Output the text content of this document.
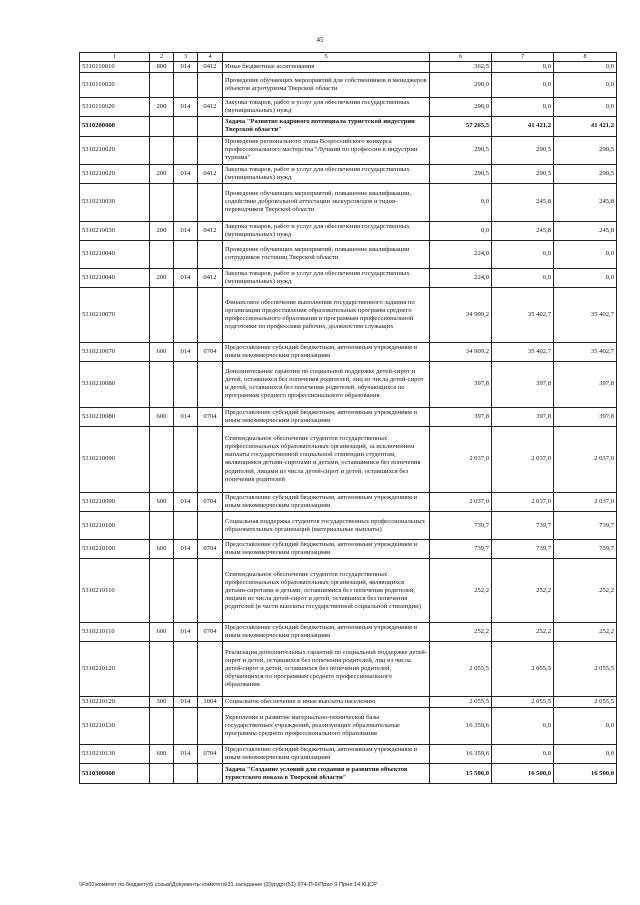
45
1	2	3	4	5	6	7	8
5310110010	800	014	0412	Иные бюджетные ассигнования	362,5	0,0	0,0
5310110020				Проведение обучающих мероприятий для собственников и менеджеров объектов агротуризма Тверской области	290,0	0,0	0,0
5310110020	200	014	0412	Закупка товаров, работ и услуг для обеспечения государственных (муниципальных) нужд	290,0	0,0	0,0
5310200000				Задача "Развитие кадрового потенциала туристской индустрии Тверской области"	57 265,5	41 421,2	41 421,2
5310210020				Проведение регионального этапа Всероссийского конкурса профессионального мастерства "Лучший по профессии в индустрии туризма"	290,5	290,5	290,5
5310210020	200	014	0412	Закупка товаров, работ и услуг для обеспечения государственных (муниципальных) нужд	290,5	290,5	290,5
5310210030				Проведение обучающих мероприятий, повышение квалификации, содействие добровольной аттестации экскурсоводов и гидов-переводчиков Тверской области	0,0	245,8	245,8
5310210030	200	014	0412	Закупка товаров, работ и услуг для обеспечения государственных (муниципальных) нужд	0,0	245,8	245,8
5310210040				Проведение обучающих мероприятий, повышение квалификации сотрудников гостиниц Тверской области	224,0	0,0	0,0
5310210040	200	014	0412	Закупка товаров, работ и услуг для обеспечения государственных (муниципальных) нужд	224,0	0,0	0,0
5310210070				Финансовое обеспечение выполнения государственного задания по организации предоставления образовательных программ среднего профессионального образования и программам профессиональной подготовки по профессиям рабочих, должностям служащих	34 909,2	35 402,7	35 402,7
5310210070	600	014	0704	Предоставление субсидий бюджетным, автономным учреждениям и иным некоммерческим организациям	34 909,2	35 402,7	35 402,7
5310210080				Дополнительные гарантии по социальной поддержке детей-сирот и детей, оставшихся без попечения родителей, лиц из числа детей-сирот и детей, оставшихся без попечения родителей, обучающихся по программам среднего профессионального образования	397,8	397,8	397,8
5310210080	600	014	0704	Предоставление субсидий бюджетным, автономным учреждениям и иным некоммерческим организациям	397,8	397,8	397,8
5310210090				Стипендиальное обеспечение студентов государственных профессиональных образовательных организаций, за исключением выплаты государственной социальной стипендии студентам, являющимся детьми-сиротами и детьми, оставшимися без попечения родителей, лицами из числа детей-сирот и детей, оставшихся без попечения родителей	2 037,0	2 037,0	2 037,0
5310210090	600	014	0704	Предоставление субсидий бюджетным, автономным учреждениям и иным некоммерческим организациям	2 037,0	2 037,0	2 037,0
5310210100				Социальная поддержка студентов государственных профессиональных образовательных организаций (материальные выплаты)	739,7	739,7	739,7
5310210100	600	014	0704	Предоставление субсидий бюджетным, автономным учреждениям и иным некоммерческим организациям	739,7	739,7	739,7
5310210110				Стипендиальное обеспечение студентов государственных профессиональных образовательных организаций, являющихся детьми-сиротами и детьми, оставшимися без попечения родителей, лицами из числа детей-сирот и детей, оставшихся без попечения родителей (в части выплаты государственной социальной стипендии)	252,2	252,2	252,2
5310210110	600	014	0704	Предоставление субсидий бюджетным, автономным учреждениям и иным некоммерческим организациям	252,2	252,2	252,2
5310210120				Реализация дополнительных гарантий по социальной поддержке детей-сирот и детей, оставшихся без попечения родителей, лиц из числа детей-сирот и детей, оставшихся без попечения родителей, обучающихся по программам среднего профессионального образования	2 055,5	2 055,5	2 055,5
5310210120	300	014	1004	Социальное обеспечение и иные выплаты населению	2 055,5	2 055,5	2 055,5
5310210130				Укрепление и развитие материально-технической базы государственных учреждений, реализующих образовательные программы среднего профессионального образования	16 359,6	0,0	0,0
5310210130	600	014	0704	Предоставление субсидий бюджетным, автономным учреждениям и иным некоммерческим организациям	16 359,6	0,0	0,0
5310300000				Задача "Создание условий для создания и развития объектов туристского показа в Тверской области"	15 500,0	16 500,0	16 500,0
\\Fs01\комитет по бюджету\6 созыв\Документы комитета\31 заседание (2)\ргдрт(51) 974-П-6\Прил 9 Прил 14 КЦСР
